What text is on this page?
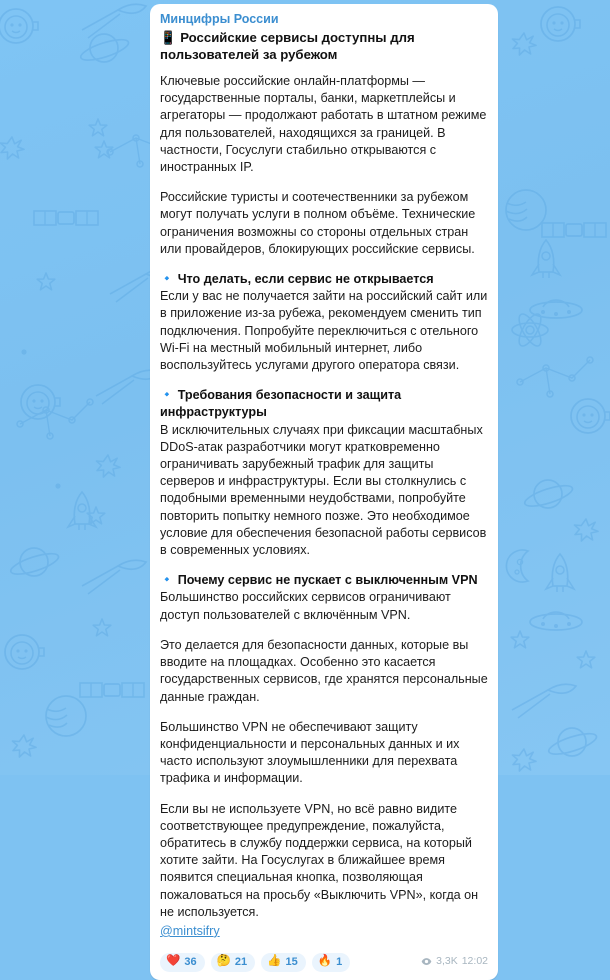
Минцифры России
📱 Российские сервисы доступны для пользователей за рубежом

Ключевые российские онлайн-платформы — государственные порталы, банки, маркетплейсы и агрегаторы — продолжают работать в штатном режиме для пользователей, находящихся за границей. В частности, Госуслуги стабильно открываются с иностранных IP.

Российские туристы и соотечественники за рубежом могут получать услуги в полном объёме. Технические ограничения возможны со стороны отдельных стран или провайдеров, блокирующих российские сервисы.

🔹 Что делать, если сервис не открывается

Если у вас не получается зайти на российский сайт или в приложение из-за рубежа, рекомендуем сменить тип подключения. Попробуйте переключиться с отельного Wi-Fi на местный мобильный интернет, либо воспользуйтесь услугами другого оператора связи.

🔹 Требования безопасности и защита инфраструктуры

В исключительных случаях при фиксации масштабных DDoS-атак разработчики могут кратковременно ограничивать зарубежный трафик для защиты серверов и инфраструктуры. Если вы столкнулись с подобными временными неудобствами, попробуйте повторить попытку немного позже. Это необходимое условие для обеспечения безопасной работы сервисов в современных условиях.

🔹 Почему сервис не пускает с выключенным VPN

Большинство российских сервисов ограничивают доступ пользователей с включённым VPN.

Это делается для безопасности данных, которые вы вводите на площадках. Особенно это касается государственных сервисов, где хранятся персональные данные граждан.

Большинство VPN не обеспечивают защиту конфиденциальности и персональных данных и их часто используют злоумышленники для перехвата трафика и информации.

Если вы не используете VPN, но всё равно видите соответствующее предупреждение, пожалуйста, обратитесь в службу поддержки сервиса, на который хотите зайти. На Госуслугах в ближайшее время появится специальная кнопка, позволяющая пожаловаться на просьбу «Выключить VPN», когда он не используется.

@mintsifry
❤️ 36 🤔 21 👍 15 🔥 1	3,3K 12:02
